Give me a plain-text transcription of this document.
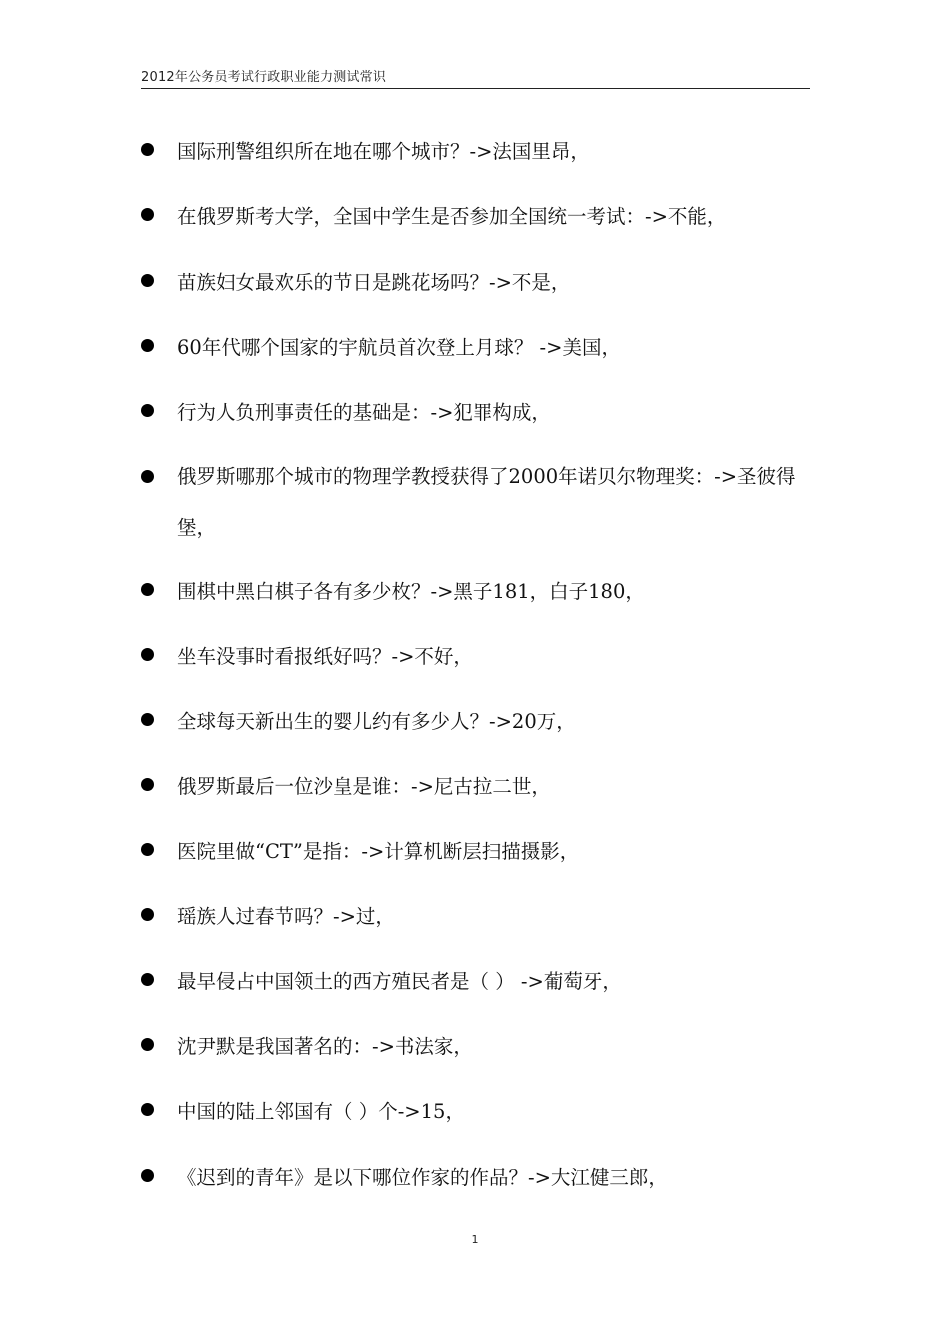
2012年公务员考试行政职业能力测试常识
国际刑警组织所在地在哪个城市？->法国里昂，
在俄罗斯考大学，全国中学生是否参加全国统一考试：->不能，
苗族妇女最欢乐的节日是跳花场吗？->不是，
60年代哪个国家的宇航员首次登上月球？ ->美国，
行为人负刑事责任的基础是：->犯罪构成，
俄罗斯哪那个城市的物理学教授获得了2000年诺贝尔物理奖：->圣彼得堡，
围棋中黑白棋子各有多少枚？->黑子181，白子180，
坐车没事时看报纸好吗？->不好，
全球每天新出生的婴儿约有多少人？->20万，
俄罗斯最后一位沙皇是谁：->尼古拉二世，
医院里做“CT”是指：->计算机断层扫描摄影，
瑶族人过春节吗？->过，
最早侵占中国领土的西方殖民者是（ ） ->葡萄牙，
沈尹默是我国著名的：->书法家，
中国的陆上邻国有（ ）个->15，
《迟到的青年》是以下哪位作家的作品？->大江健三郎，
1
